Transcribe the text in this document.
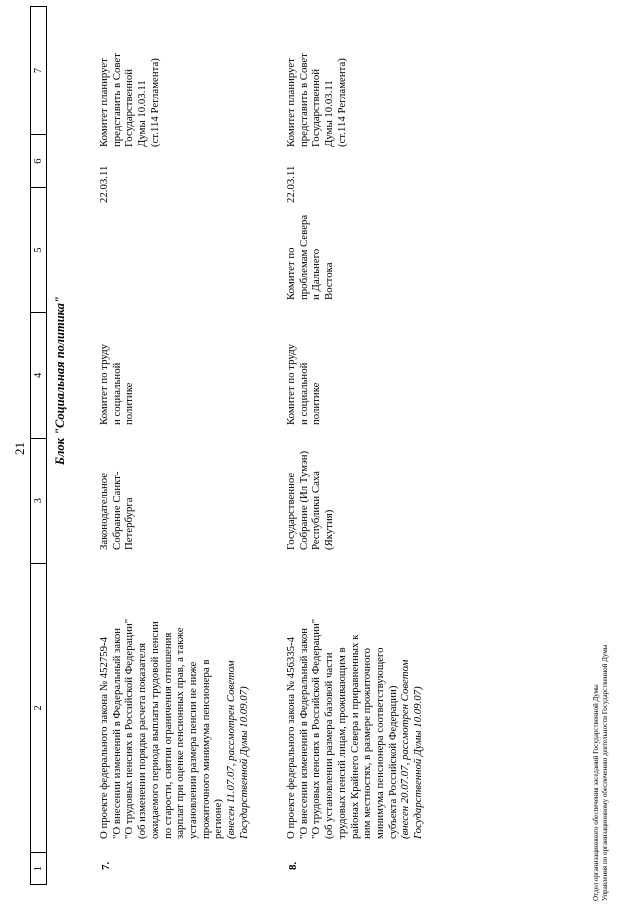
21
1
2
3
4
5
6
7
Блок "Социальная политика"
7.
О проекте федерального закона № 452759-4 "О внесении изменений в Федеральный закон "О трудовых пенсиях в Российской Федерации" (об изменении порядка расчета показателя ожидаемого периода выплаты трудовой пенсии по старости, снятии ограничения отношения зарплат при оценке пенсионных прав, а также установлении размера пенсии не ниже прожиточного минимума пенсионера в регионе) (внесен 11.07.07, рассмотрен Советом Государственной Думы 10.09.07)
Законодательное Собрание Санкт- Петербурга
Комитет по труду и социальной политике
22.03.11
Комитет планирует представить в Совет Государственной Думы 10.03.11 (ст.114 Регламента)
8.
О проекте федерального закона № 456335-4 "О внесении изменений в Федеральный закон "О трудовых пенсиях в Российской Федерации" (об установлении размера базовой части трудовых пенсий лицам, проживающим в районах Крайнего Севера и приравненных к ним местностях, в размере прожиточного минимума пенсионера соответствующего субъекта Российской Федерации) (внесен 20.07.07, рассмотрен Советом Государственной Думы 10.09.07)
Государственное Собрание (Ил Тумэн) Республики Саха (Якутия)
Комитет по труду и социальной политике
Комитет по проблемам Севера и Дальнего Востока
22.03.11
Комитет планирует представить в Совет Государственной Думы 10.03.11 (ст.114 Регламента)
Отдел организационного обеспечения заседаний Государственной Думы Управления по организационному обеспечению деятельности Государственной Думы
